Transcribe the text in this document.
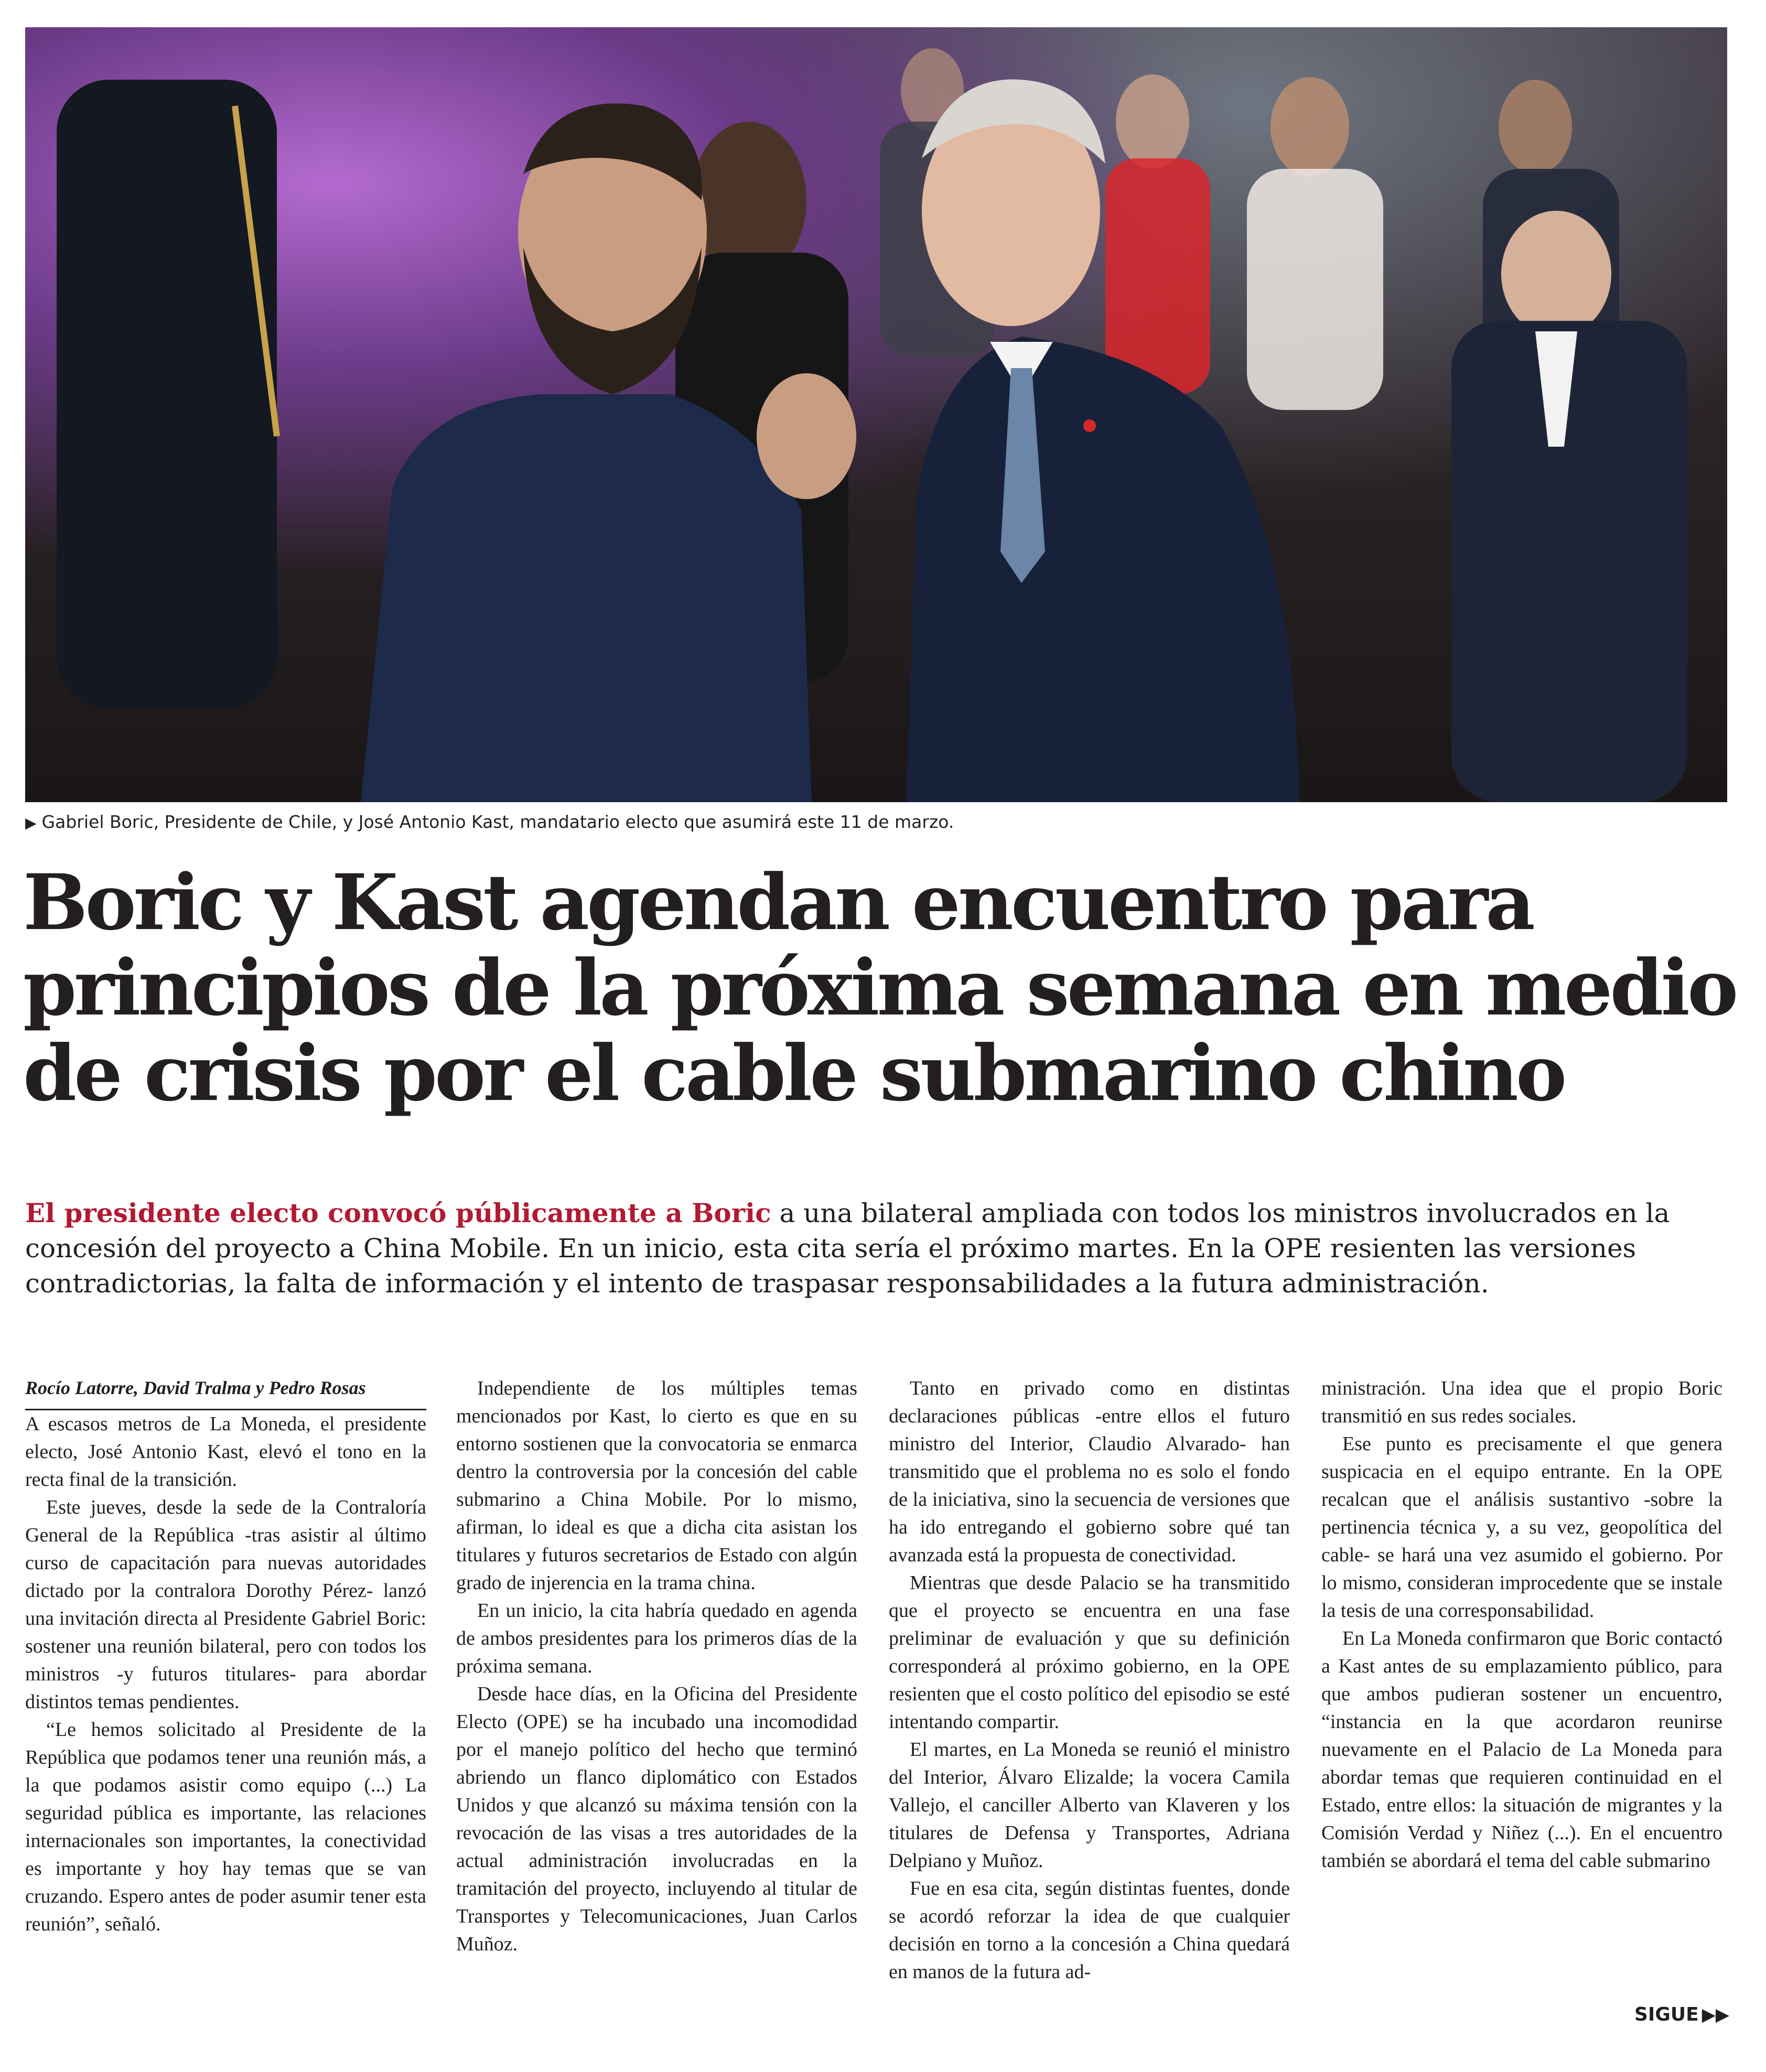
▶ Gabriel Boric, Presidente de Chile, y José Antonio Kast, mandatario electo que asumirá este 11 de marzo.
Boric y Kast agendan encuentro para principios de la próxima semana en medio de crisis por el cable submarino chino
El presidente electo convocó públicamente a Boric a una bilateral ampliada con todos los ministros involucrados en la concesión del proyecto a China Mobile. En un inicio, esta cita sería el próximo martes. En la OPE resienten las versiones contradictorias, la falta de información y el intento de traspasar responsabilidades a la futura administración.

Rocío Latorre, David Tralma y Pedro Rosas

A escasos metros de La Moneda, el presidente electo, José Antonio Kast, elevó el tono en la recta final de la transición.

Este jueves, desde la sede de la Contraloría General de la República -tras asistir al último curso de capacitación para nuevas autoridades dictado por la contralora Dorothy Pérez- lanzó una invitación directa al Presidente Gabriel Boric: sostener una reunión bilateral, pero con todos los ministros -y futuros titulares- para abordar distintos temas pendientes.

“Le hemos solicitado al Presidente de la República que podamos tener una reunión más, a la que podamos asistir como equipo (...) La seguridad pública es importante, las relaciones internacionales son importantes, la conectividad es importante y hoy hay temas que se van cruzando. Espero antes de poder asumir tener esta reunión”, señaló.

Independiente de los múltiples temas mencionados por Kast, lo cierto es que en su entorno sostienen que la convocatoria se enmarca dentro la controversia por la concesión del cable submarino a China Mobile. Por lo mismo, afirman, lo ideal es que a dicha cita asistan los titulares y futuros secretarios de Estado con algún grado de injerencia en la trama china.

En un inicio, la cita habría quedado en agenda de ambos presidentes para los primeros días de la próxima semana.

Desde hace días, en la Oficina del Presidente Electo (OPE) se ha incubado una incomodidad por el manejo político del hecho que terminó abriendo un flanco diplomático con Estados Unidos y que alcanzó su máxima tensión con la revocación de las visas a tres autoridades de la actual administración involucradas en la tramitación del proyecto, incluyendo al titular de Transportes y Telecomunicaciones, Juan Carlos Muñoz.

Tanto en privado como en distintas declaraciones públicas -entre ellos el futuro ministro del Interior, Claudio Alvarado- han transmitido que el problema no es solo el fondo de la iniciativa, sino la secuencia de versiones que ha ido entregando el gobierno sobre qué tan avanzada está la propuesta de conectividad.

Mientras que desde Palacio se ha transmitido que el proyecto se encuentra en una fase preliminar de evaluación y que su definición corresponderá al próximo gobierno, en la OPE resienten que el costo político del episodio se esté intentando compartir.

El martes, en La Moneda se reunió el ministro del Interior, Álvaro Elizalde; la vocera Camila Vallejo, el canciller Alberto van Klaveren y los titulares de Defensa y Transportes, Adriana Delpiano y Muñoz.

Fue en esa cita, según distintas fuentes, donde se acordó reforzar la idea de que cualquier decisión en torno a la concesión a China quedará en manos de la futura ad-

ministración. Una idea que el propio Boric transmitió en sus redes sociales.

Ese punto es precisamente el que genera suspicacia en el equipo entrante. En la OPE recalcan que el análisis sustantivo -sobre la pertinencia técnica y, a su vez, geopolítica del cable- se hará una vez asumido el gobierno. Por lo mismo, consideran improcedente que se instale la tesis de una corresponsabilidad.

En La Moneda confirmaron que Boric contactó a Kast antes de su emplazamiento público, para que ambos pudieran sostener un encuentro, “instancia en la que acordaron reunirse nuevamente en el Palacio de La Moneda para abordar temas que requieren continuidad en el Estado, entre ellos: la situación de migrantes y la Comisión Verdad y Niñez (...). En el encuentro también se abordará el tema del cable submarino

SIGUE ▶▶
